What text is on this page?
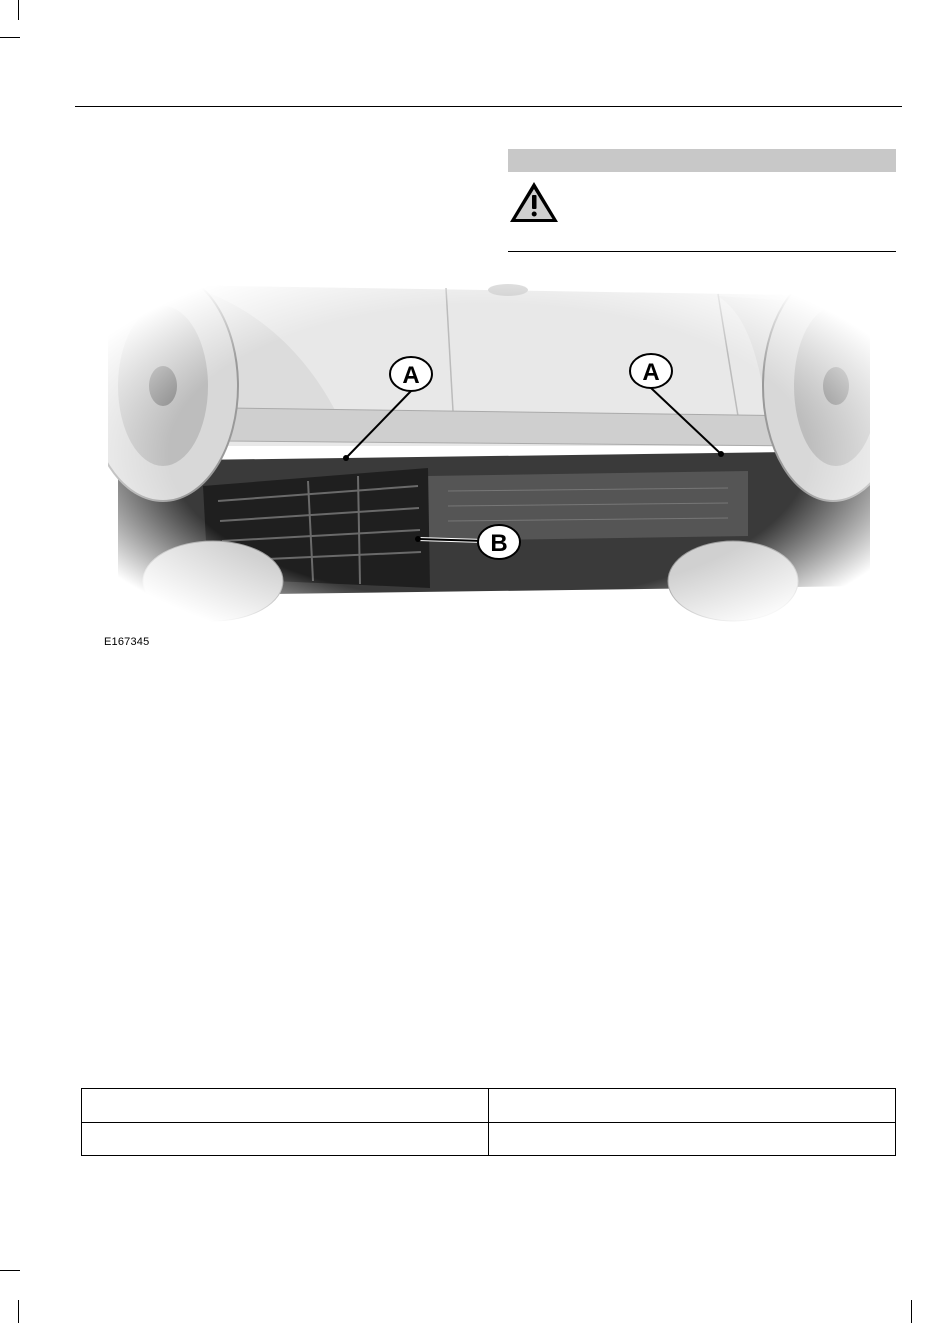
A	A
B
E167345
